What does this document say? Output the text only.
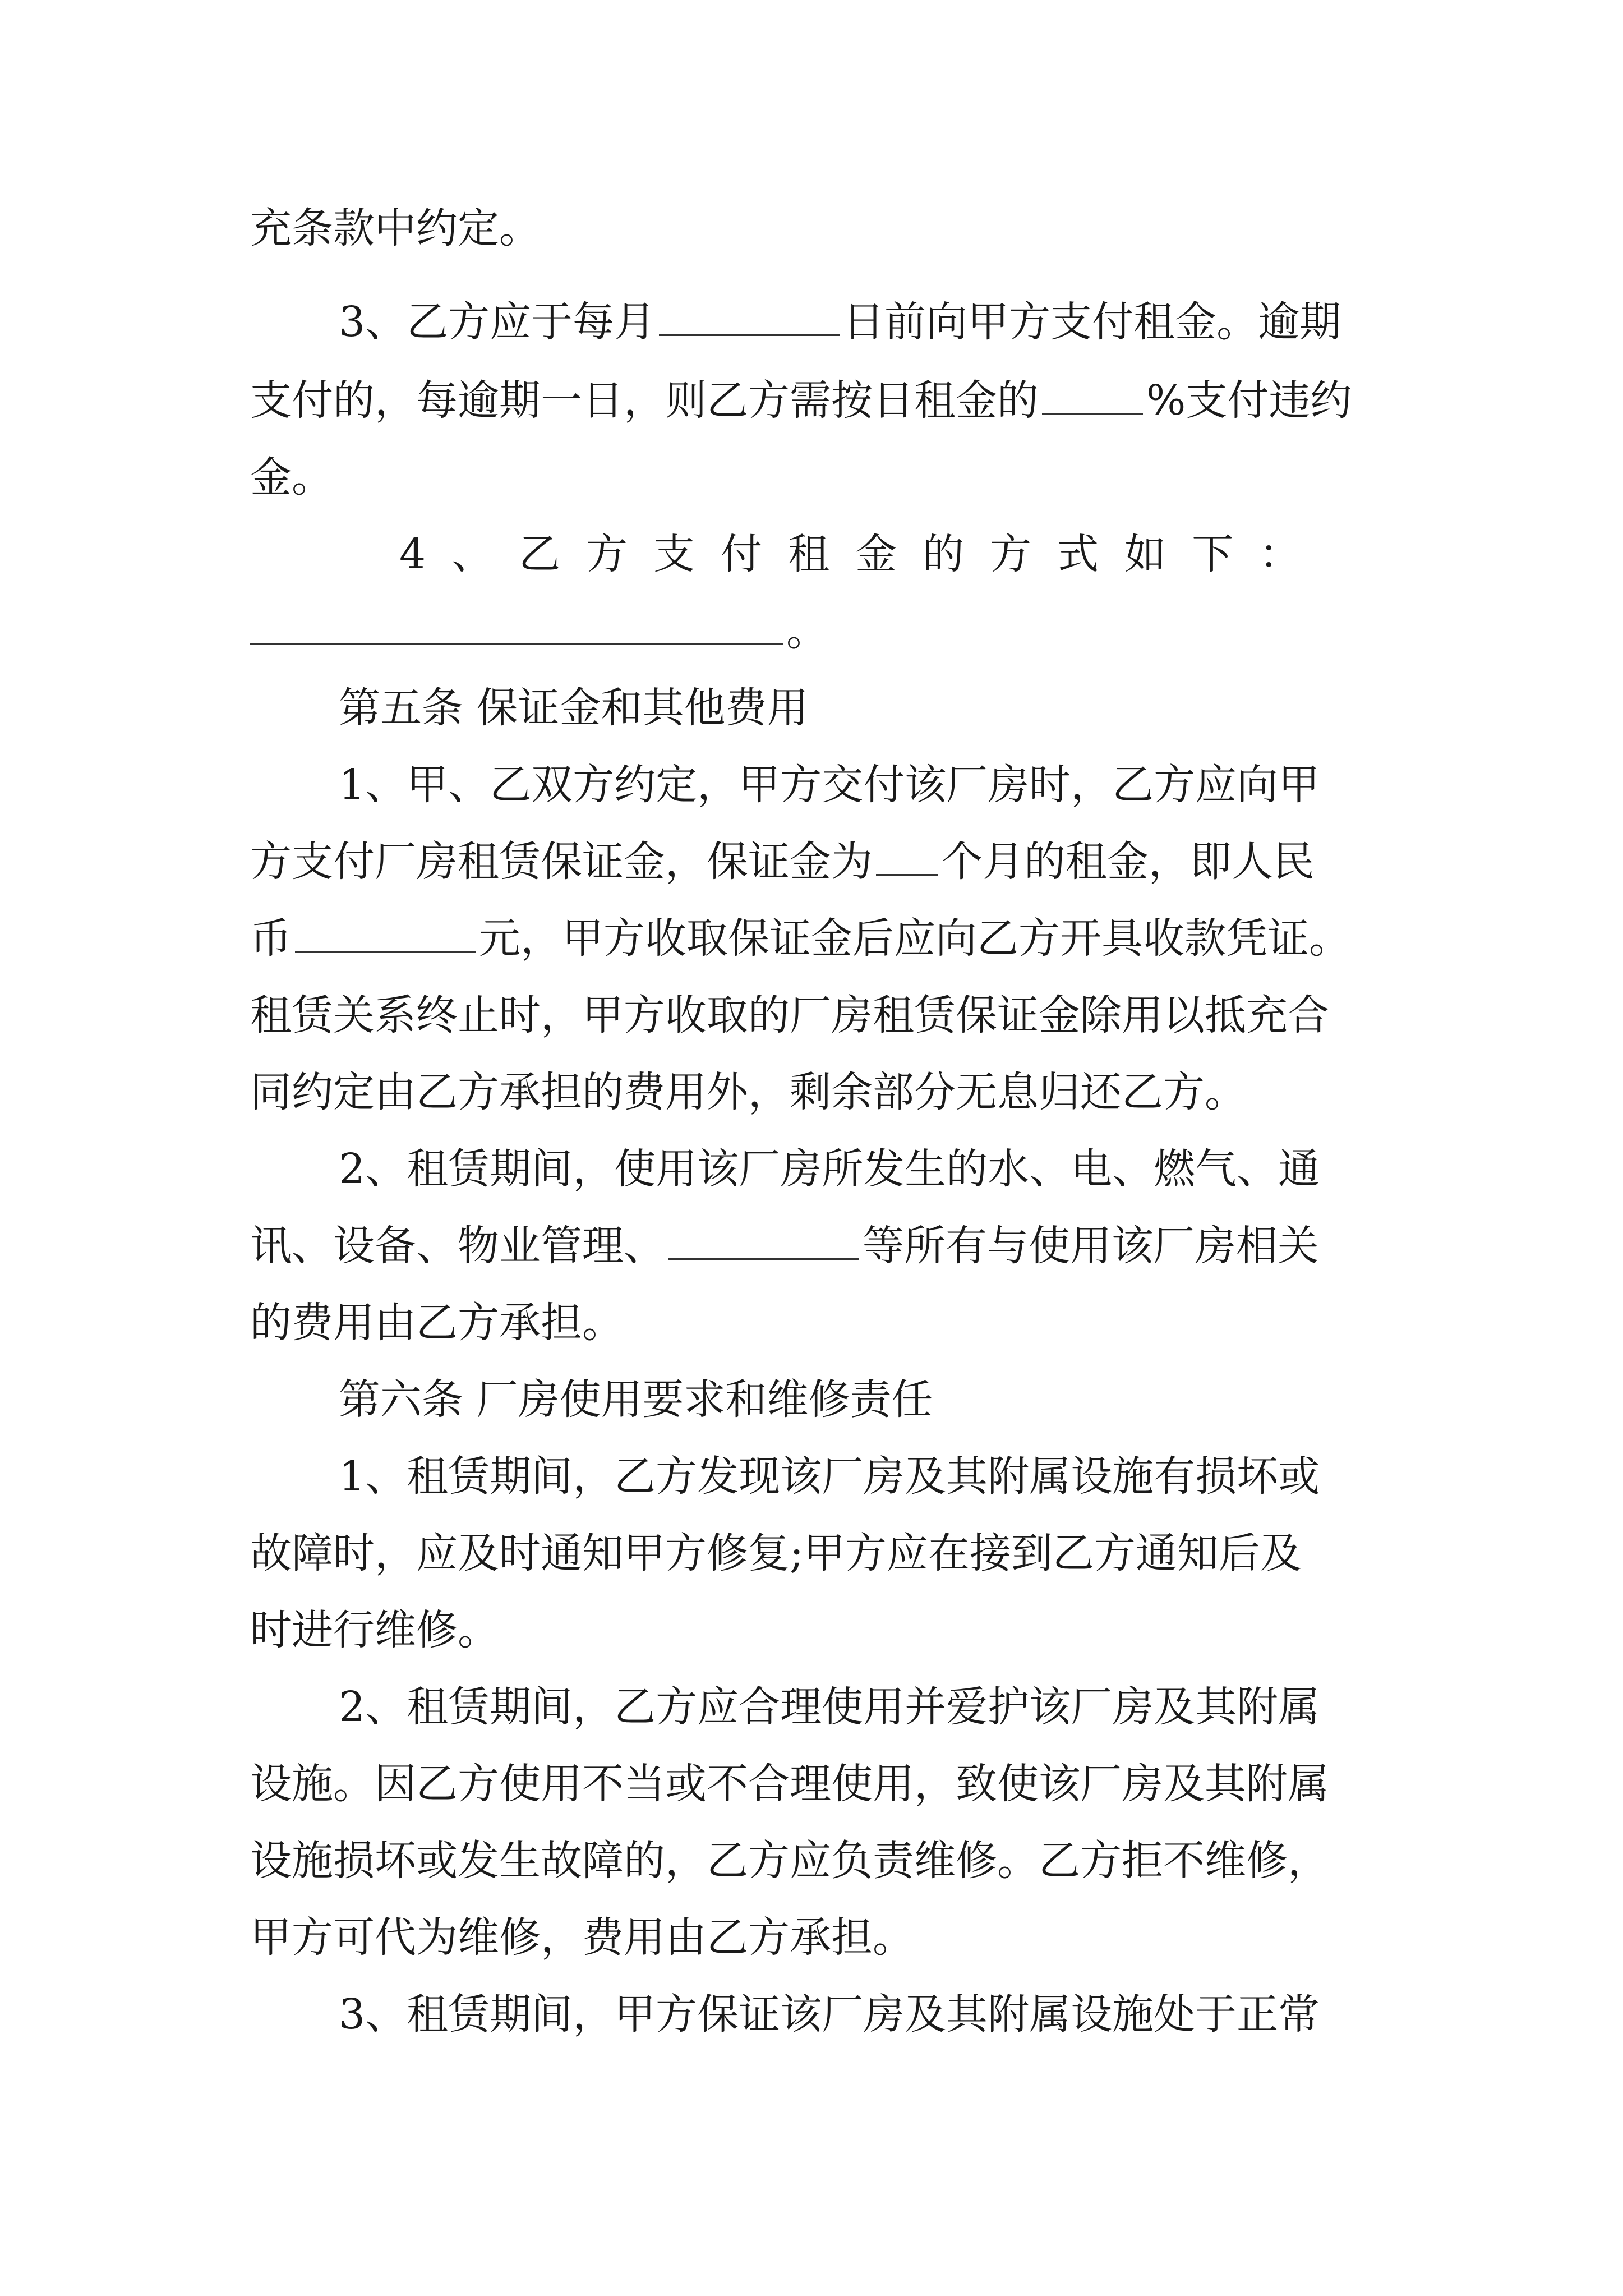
充条款中约定。
3、乙方应于每月	日前向甲方支付租金。逾期
支付的，每逾期一日，则乙方需按日租金的	%支付违约
金。
4、乙方支付租金的方式如下：
。
第五条 保证金和其他费用
1、甲、乙双方约定，甲方交付该厂房时，乙方应向甲
方支付厂房租赁保证金，保证金为 个月的租金，即人民
币	元，甲方收取保证金后应向乙方开具收款凭证。
租赁关系终止时，甲方收取的厂房租赁保证金除用以抵充合
同约定由乙方承担的费用外，剩余部分无息归还乙方。
2、租赁期间，使用该厂房所发生的水、电、燃气、通
讯、设备、物业管理、	等所有与使用该厂房相关
的费用由乙方承担。
第六条 厂房使用要求和维修责任
1、租赁期间，乙方发现该厂房及其附属设施有损坏或
故障时，应及时通知甲方修复;甲方应在接到乙方通知后及
时进行维修。
2、租赁期间，乙方应合理使用并爱护该厂房及其附属
设施。因乙方使用不当或不合理使用，致使该厂房及其附属
设施损坏或发生故障的，乙方应负责维修。乙方拒不维修，
甲方可代为维修，费用由乙方承担。
3、租赁期间，甲方保证该厂房及其附属设施处于正常
